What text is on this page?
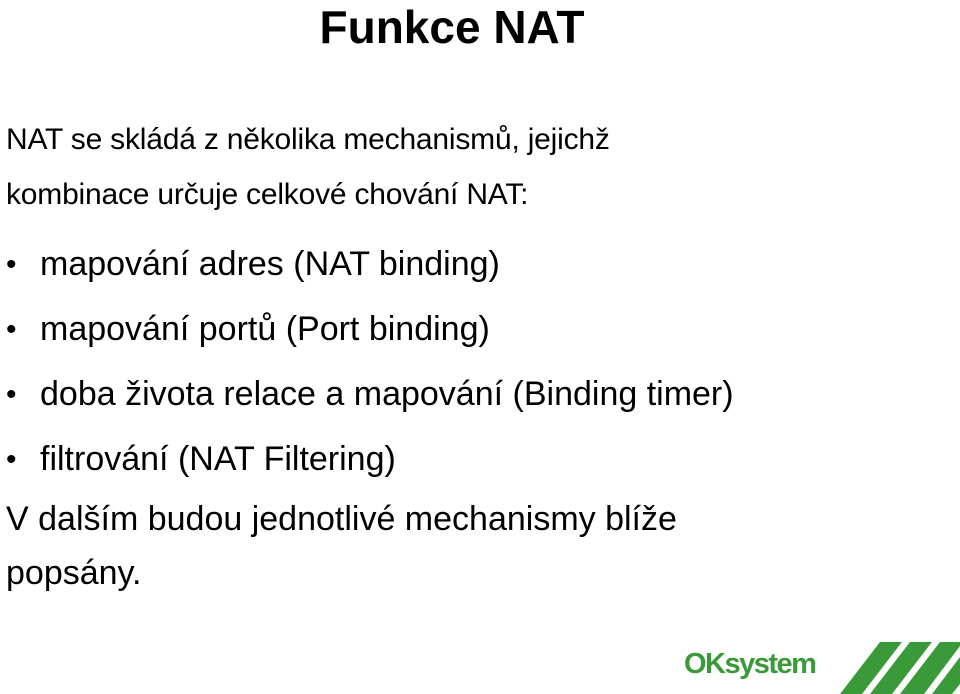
Funkce NAT

NAT se skládá z několika mechanismů, jejichž
kombinace určuje celkové chování NAT:

• mapování adres (NAT binding)
• mapování portů (Port binding)
• doba života relace a mapování (Binding timer)
• filtrování (NAT Filtering)

V dalším budou jednotlivé mechanismy blíže
popsány.

OKsystem
